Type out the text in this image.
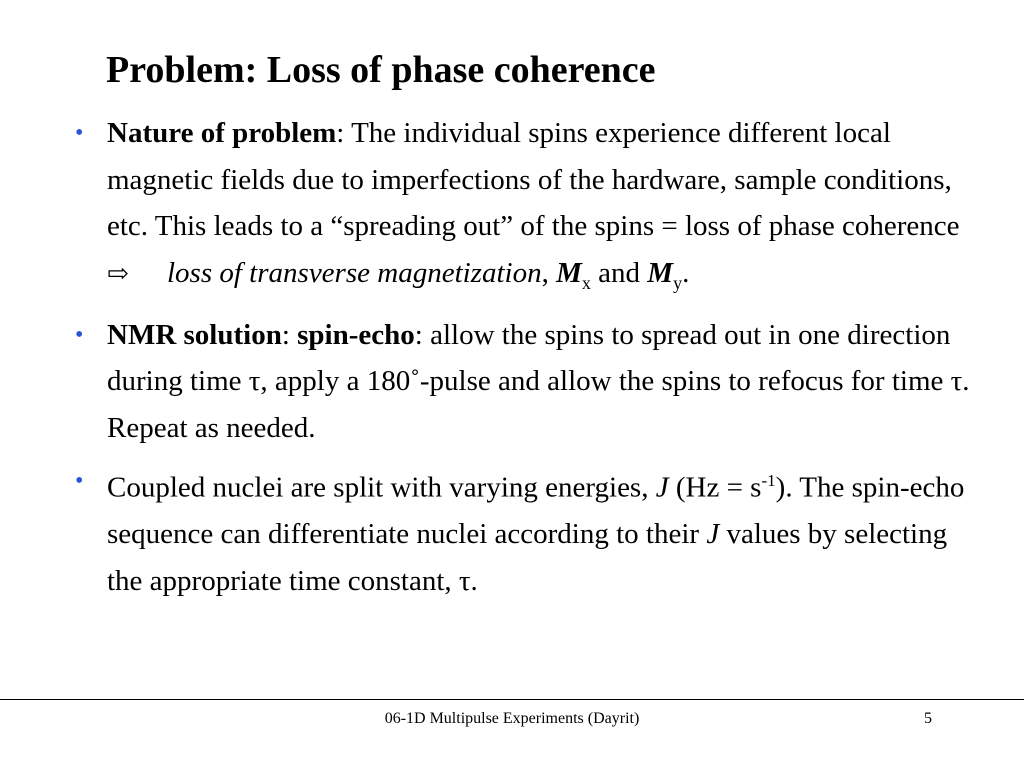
Problem: Loss of phase coherence
• Nature of problem: The individual spins experience different local magnetic fields due to imperfections of the hardware, sample conditions, etc. This leads to a “spreading out” of the spins = loss of phase coherence
⇨ loss of transverse magnetization, $M_x$ and $M_y$.
• NMR solution: spin-echo: allow the spins to spread out in one direction during time τ, apply a 180˚-pulse and allow the spins to refocus for time τ. Repeat as needed.
• Coupled nuclei are split with varying energies, J $(Hz = s^{-1})$. The spin-echo sequence can differentiate nuclei according to their J values by selecting the appropriate time constant, τ.
06-1D Multipulse Experiments (Dayrit)	5
